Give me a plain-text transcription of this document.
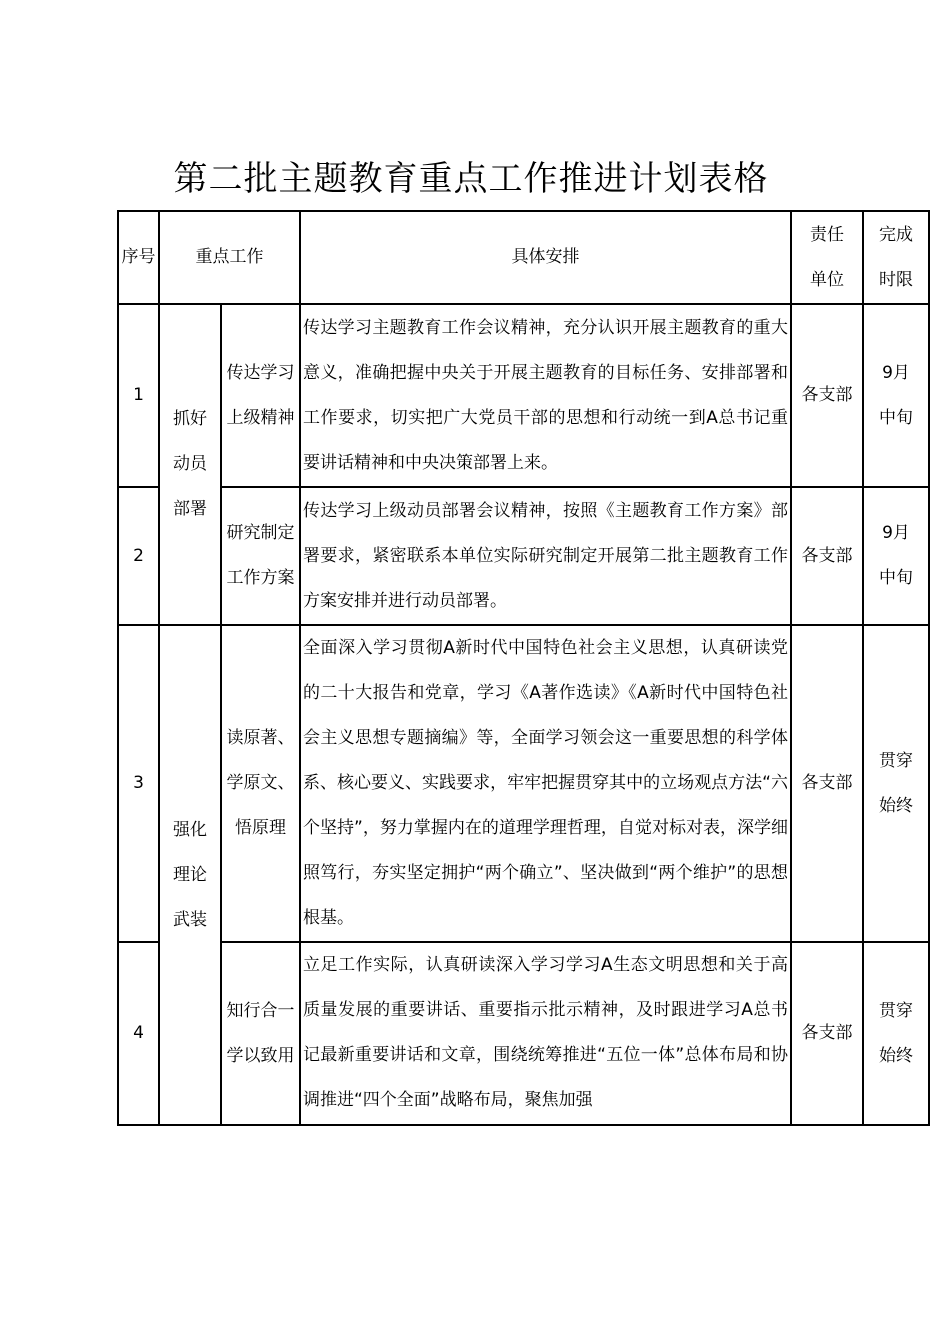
第二批主题教育重点工作推进计划表格
序号	重点工作		具体安排	责任单位	完成时限

1	抓好动员部署	传达学习上级精神	传达学习主题教育工作会议精神，充分认识开展主题教育的重大意义，准确把握中央关于开展主题教育的目标任务、安排部署和工作要求，切实把广大党员干部的思想和行动统一到A总书记重要讲话精神和中央决策部署上来。	各支部	9月中旬

2		研究制定工作方案	传达学习上级动员部署会议精神，按照《主题教育工作方案》部署要求，紧密联系本单位实际研究制定开展第二批主题教育工作方案安排并进行动员部署。	各支部	9月中旬

3	强化理论武装	读原著、学原文、悟原理	全面深入学习贯彻A新时代中国特色社会主义思想，认真研读党的二十大报告和党章，学习《A著作选读》《A新时代中国特色社会主义思想专题摘编》等，全面学习领会这一重要思想的科学体系、核心要义、实践要求，牢牢把握贯穿其中的立场观点方法“六个坚持”，努力掌握内在的道理学理哲理，自觉对标对表，深学细照笃行，夯实坚定拥护“两个确立”、坚决做到“两个维护”的思想根基。	各支部	贯穿始终

4		知行合一学以致用	立足工作实际，认真研读深入学习学习A生态文明思想和关于高质量发展的重要讲话、重要指示批示精神，及时跟进学习A总书记最新重要讲话和文章，围绕统筹推进“五位一体”总体布局和协调推进“四个全面”战略布局，聚焦加强	各支部	贯穿始终
